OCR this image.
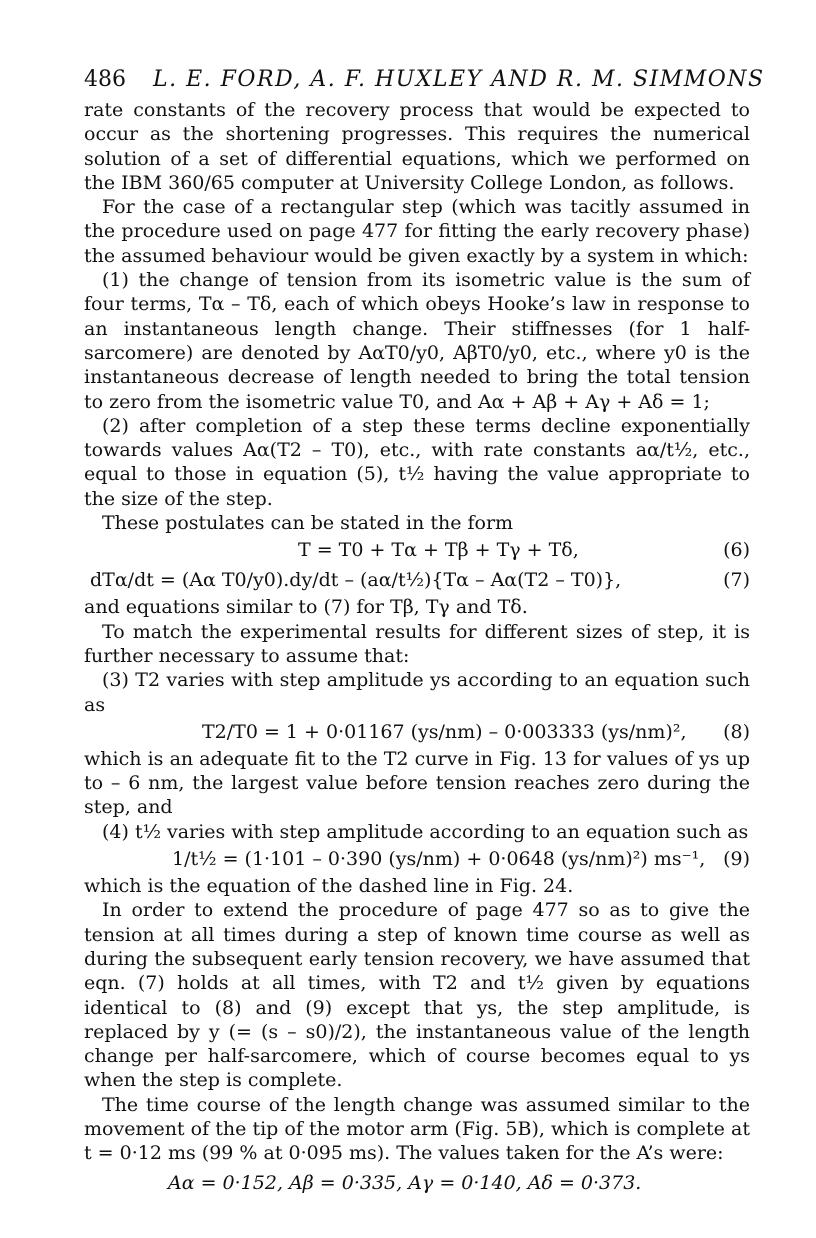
486 L. E. FORD, A. F. HUXLEY AND R. M. SIMMONS

rate constants of the recovery process that would be expected to occur as the shortening progresses. This requires the numerical solution of a set of differential equations, which we performed on the IBM 360/65 computer at University College London, as follows.

For the case of a rectangular step (which was tacitly assumed in the procedure used on page 477 for fitting the early recovery phase) the assumed behaviour would be given exactly by a system in which:

(1) the change of tension from its isometric value is the sum of four terms, Tα – Tδ, each of which obeys Hooke’s law in response to an instantaneous length change. Their stiffnesses (for 1 half-sarcomere) are denoted by AαT0/y0, AβT0/y0, etc., where y0 is the instantaneous decrease of length needed to bring the total tension to zero from the isometric value T0, and Aα + Aβ + Aγ + Aδ = 1;

(2) after completion of a step these terms decline exponentially towards values Aα(T2 – T0), etc., with rate constants aα/t½, etc., equal to those in equation (5), t½ having the value appropriate to the size of the step.

These postulates can be stated in the form

T = T0 + Tα + Tβ + Tγ + Tδ,	(6)
dTα/dt = (Aα T0/y0).dy/dt – (aα/t½){Tα – Aα(T2 – T0)},	(7)

and equations similar to (7) for Tβ, Tγ and Tδ.

To match the experimental results for different sizes of step, it is further necessary to assume that:

(3) T2 varies with step amplitude ys according to an equation such as

T2/T0 = 1 + 0·01167 (ys/nm) – 0·003333 (ys/nm)², (8)

which is an adequate fit to the T2 curve in Fig. 13 for values of ys up to – 6 nm, the largest value before tension reaches zero during the step, and

(4) t½ varies with step amplitude according to an equation such as

1/t½ = (1·101 – 0·390 (ys/nm) + 0·0648 (ys/nm)²) ms⁻¹, (9)

which is the equation of the dashed line in Fig. 24.

In order to extend the procedure of page 477 so as to give the tension at all times during a step of known time course as well as during the subsequent early tension recovery, we have assumed that eqn. (7) holds at all times, with T2 and t½ given by equations identical to (8) and (9) except that ys, the step amplitude, is replaced by y (= (s – s0)/2), the instantaneous value of the length change per half-sarcomere, which of course becomes equal to ys when the step is complete.

The time course of the length change was assumed similar to the movement of the tip of the motor arm (Fig. 5B), which is complete at t = 0·12 ms (99 % at 0·095 ms). The values taken for the A’s were:

Aα = 0·152, Aβ = 0·335, Aγ = 0·140, Aδ = 0·373.
